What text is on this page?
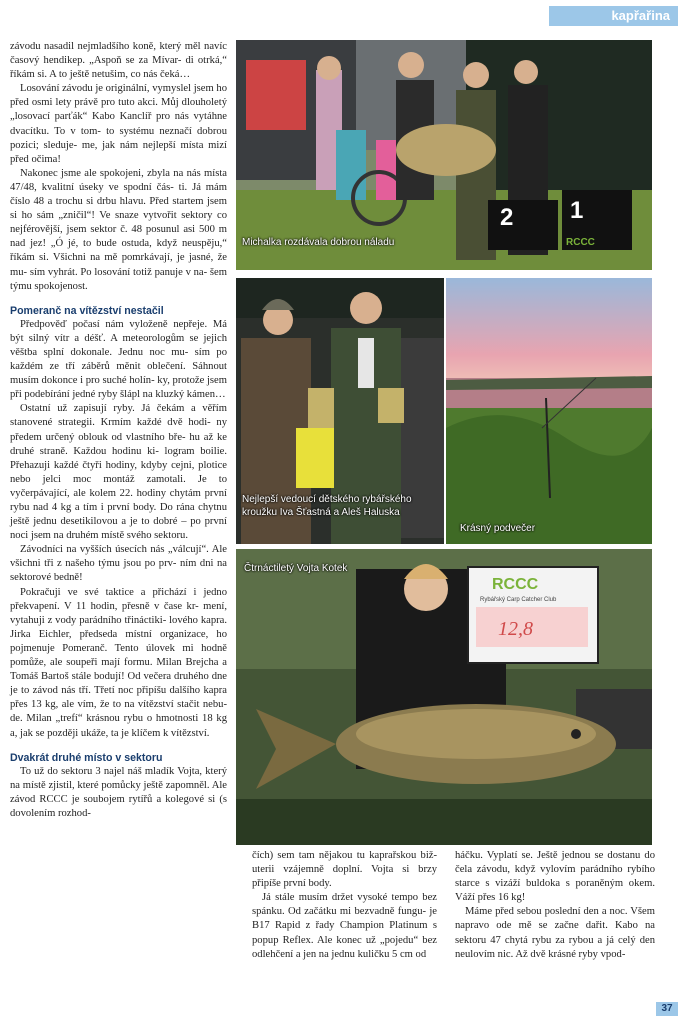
kapřařina

závodu nasadil nejmladšího koně, který měl navíc časový hendikep. „Aspoň se za Mívar- di otrká,“ říkám si. A to ještě netušim, co nás čeká…

Losování závodu je originální, vymyslel jsem ho před osmi lety právě pro tuto akci. Můj dlouholetý „losovací parťák“ Kabo Kanclíř pro nás vytáhne dvacítku. To v tom- to systému neznačí dobrou pozici; sleduje- me, jak nám nejlepší místa mizí před očima!

Nakonec jsme ale spokojeni, zbyla na nás místa 47/48, kvalitní úseky ve spodní čás- ti. Já mám číslo 48 a trochu si drbu hlavu. Před startem jsem si ho sám „zničil“! Ve snaze vytvořit sektory co nejférovější, jsem sektor č. 48 posunul asi 500 m nad jez! „Ó jé, to bude ostuda, když neuspěju,“ říkám si. Všichni na mě pomrkávají, je jasné, že mu- sím vyhrát. Po losování totiž panuje v na- šem týmu spokojenost.

Pomeranč na vítězství nestačil

Předpověď počasí nám vyloženě nepřeje. Má být silný vítr a déšť. A meteorologům se jejich věštba splní dokonale. Jednu noc mu- sím po každém ze tří záběrů měnit oblečení. Sáhnout musím dokonce i pro suché holín- ky, protože jsem při podebírání jedné ryby šlápl na kluzký kámen…

Ostatní už zapisují ryby. Já čekám a věřím stanovené strategii. Krmím každé dvě hodi- ny předem určený oblouk od vlastního bře- hu až ke druhé straně. Každou hodinu ki- logram boilie. Přehazuji každé čtyři hodiny, kdyby cejni, plotice nebo jelci moc montáž zamotali. Je to vyčerpávající, ale kolem 22. hodiny chytám první rybu nad 4 kg a tím i první body. Do rána chytnu ještě jednu desetikilovou a je to dobré – po první noci jsem na druhém místě svého sektoru.

Závodníci na vyšších úsecích nás „válcují“. Ale všichni tři z našeho týmu jsou po prv- ním dni na sektorové bedně!

Pokračuji ve své taktice a přichází i jedno překvapení. V 11 hodin, přesně v čase kr- mení, vytahuji z vody parádního třináctiki- lového kapra. Jirka Eichler, předseda místní organizace, ho pojmenuje Pomeranč. Tento úlovek mi hodně pomůže, ale soupeři mají formu. Milan Brejcha a Tomáš Bartoš stále bodují! Od večera druhého dne je to závod nás tří. Třetí noc připíšu dalšího kapra přes 13 kg, ale vím, že to na vítězství stačit nebu- de. Milan „trefí“ krásnou rybu o hmotnosti 18 kg a, jak se později ukáže, ta je klíčem k vítězství.

Dvakrát druhé místo v sektoru

To už do sektoru 3 najel náš mladík Vojta, který na místě zjistil, které pomůcky ještě zapomněl. Ale závod RCCC je soubojem rytířů a kolegové si (s dovolením rozhod-

2 1
RCCC
Michalka rozdávala dobrou náladu
Nejlepší vedoucí dětského rybářského kroužku Iva Šťastná a Aleš Haluska
Krásný podvečer
RCCC
Rybářský Carp Catcher Club
12,8
Čtrnáctiletý Vojta Kotek

čích) sem tam nějakou tu kaprařskou biž- uterii vzájemně doplní. Vojta si brzy připíše první body.

Já stále musím držet vysoké tempo bez spánku. Od začátku mi bezvadně fungu- je B17 Rapid z řady Champion Platinum s popup Reflex. Ale konec už „pojedu“ bez odlehčení a jen na jednu kuličku 5 cm od

háčku. Vyplatí se. Ještě jednou se dostanu do čela závodu, když vylovím parádního rybího starce s vizáží buldoka s poraněným okem. Váží přes 16 kg!

Máme před sebou poslední den a noc. Všem napravo ode mě se začne dařit. Kabo na sektoru 47 chytá rybu za rybou a já celý den neulovím nic. Až dvě krásné ryby vpod-

37
